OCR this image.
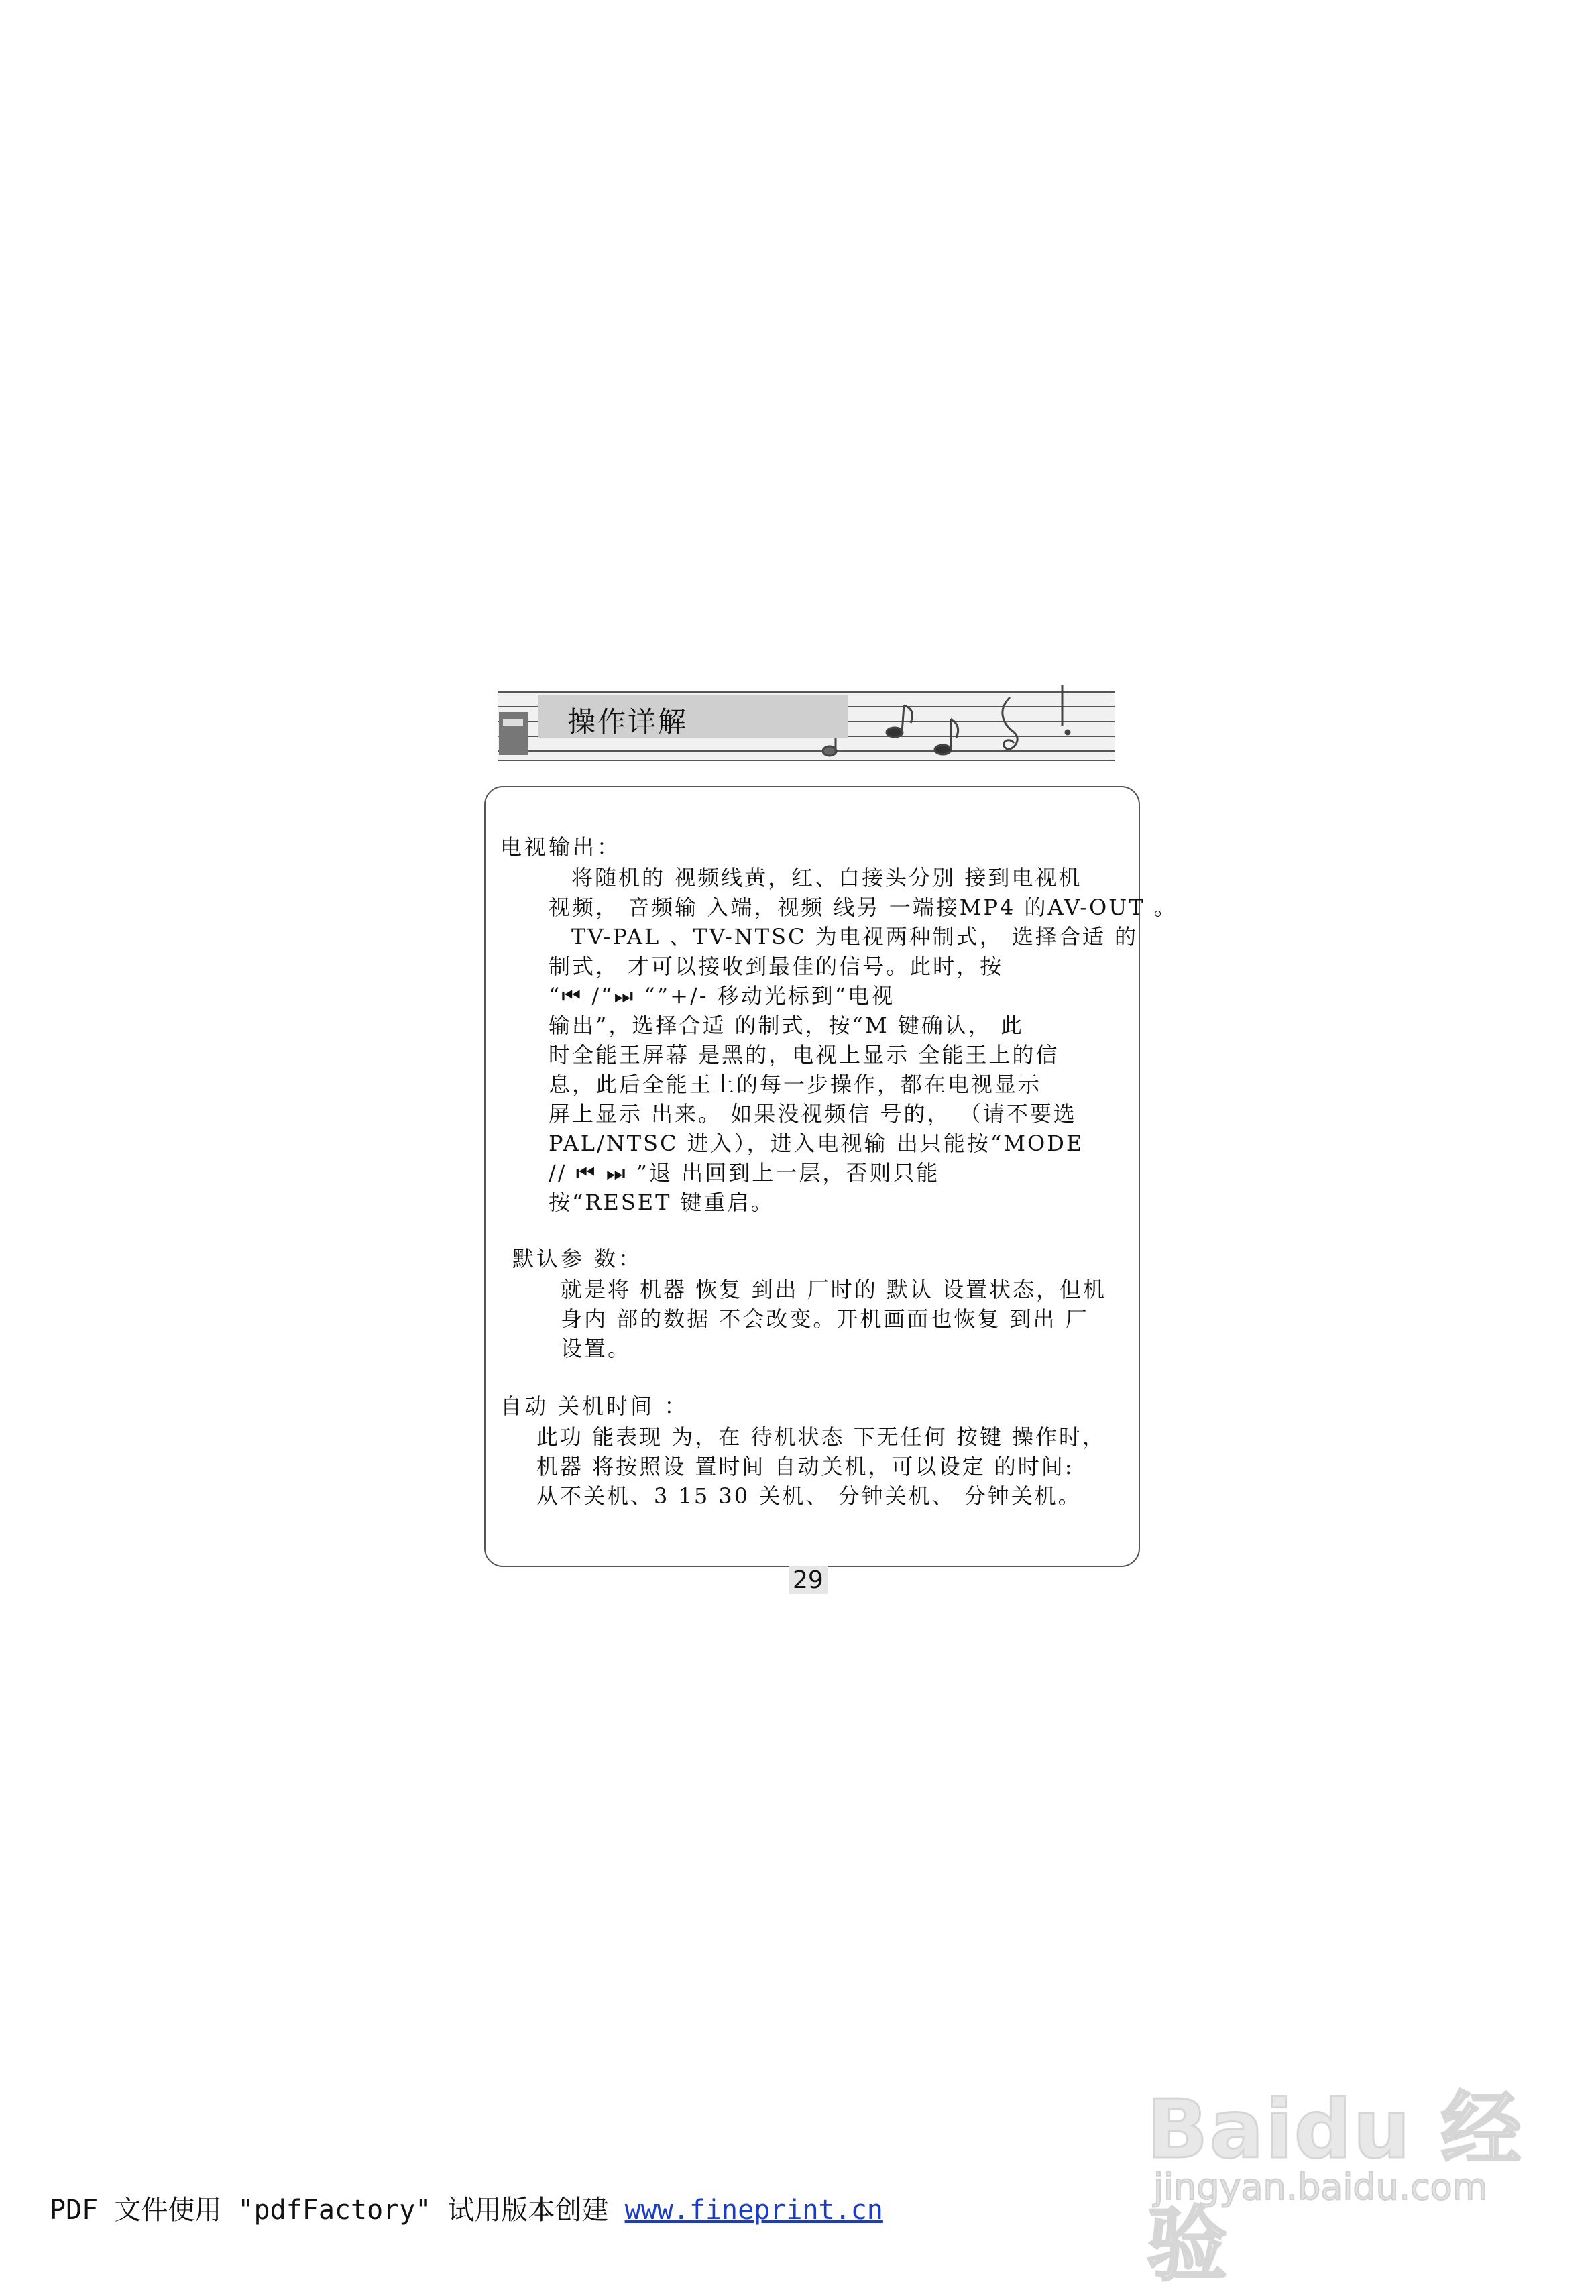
操作详解
电视输出：
将随机的 视频线黄，红、白接头分别 接到电视机
视频， 音频输 入端，视频 线另 一端接MP4 的AV-OUT 。
TV-PAL 、TV-NTSC 为电视两种制式， 选择合适 的
制式， 才可以接收到最佳的信号。此时，按
“⏮ /“⏭ “”+/- 移动光标到“电视
输出”，选择合适 的制式，按“M 键确认， 此
时全能王屏幕 是黑的，电视上显示 全能王上的信
息，此后全能王上的每一步操作，都在电视显示
屏上显示 出来。 如果没视频信 号的， （请不要选
PAL/NTSC 进入），进入电视输 出只能按“MODE
// ⏮ ⏭ ”退 出回到上一层，否则只能
按“RESET 键重启。
默认参 数：
就是将 机器 恢复 到出 厂时的 默认 设置状态，但机
身内 部的数据 不会改变。开机画面也恢复 到出 厂
设置。
自动 关机时间 ：
此功 能表现 为，在 待机状态 下无任何 按键 操作时，
机器 将按照设 置时间 自动关机，可以设定 的时间:
从不关机、3 15 30 关机、 分钟关机、 分钟关机。
29
Baidu 经验
jingyan.baidu.com
PDF 文件使用 "pdfFactory" 试用版本创建 www.fineprint.cn
